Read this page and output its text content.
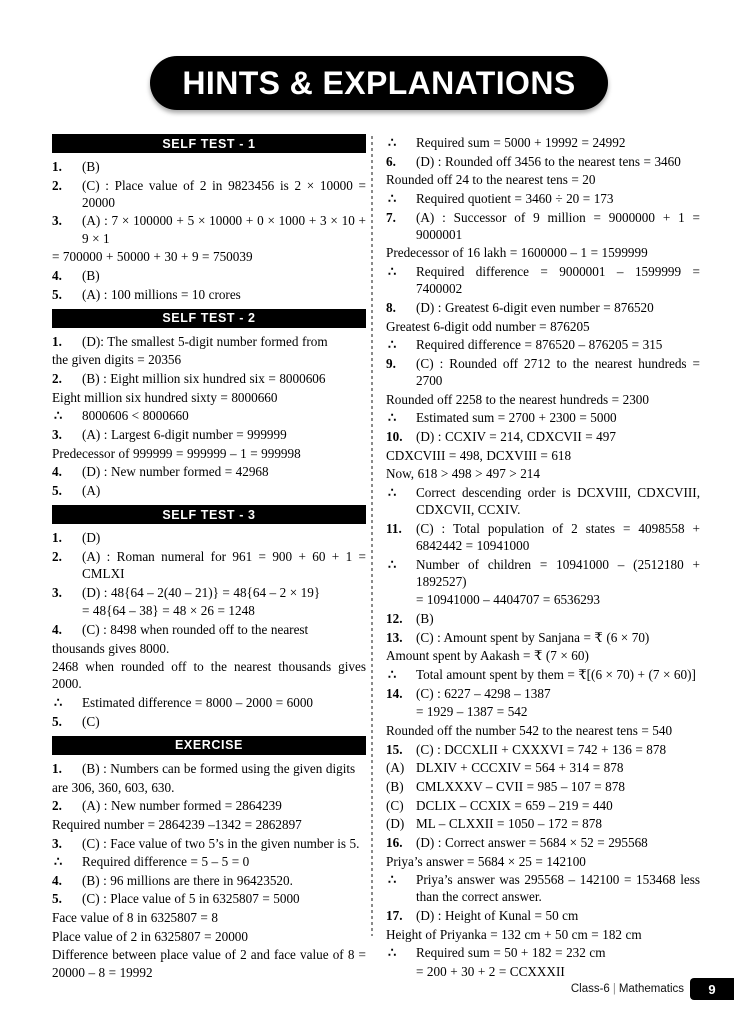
HINTS & EXPLANATIONS
SELF TEST - 1
1.	(B)
2.	(C) : Place value of 2 in 9823456 is 2 × 10000 = 20000
3.	(A) : 7 × 100000 + 5 × 10000 + 0 × 1000 + 3 × 10 + 9 × 1
= 700000 + 50000 + 30 + 9 = 750039
4.	(B)
5.	(A) : 100 millions = 10 crores
SELF TEST - 2
1.	(D): The smallest 5-digit number formed from
the given digits = 20356
2.	(B) : Eight million six hundred six = 8000606
Eight million six hundred sixty = 8000660
∴ 8000606 < 8000660
3.	(A) : Largest 6-digit number = 999999
Predecessor of 999999 = 999999 – 1 = 999998
4.	(D) : New number formed = 42968
5.	(A)
SELF TEST - 3
1.	(D)
2.	(A) : Roman numeral for 961 = 900 + 60 + 1 = CMLXI
3.	(D) : 48{64 – 2(40 – 21)} = 48{64 – 2 × 19}
= 48{64 – 38} = 48 × 26 = 1248
4.	(C) : 8498 when rounded off to the nearest
thousands gives 8000.
2468 when rounded off to the nearest thousands gives 2000.
∴ Estimated difference = 8000 – 2000 = 6000
5.	(C)
EXERCISE
1.	(B) : Numbers can be formed using the given digits
are 306, 360, 603, 630.
2.	(A) : New number formed = 2864239
Required number = 2864239 –1342 = 2862897
3.	(C) : Face value of two 5’s in the given number is 5.
∴ Required difference = 5 – 5 = 0
4.	(B) : 96 millions are there in 96423520.
5.	(C) : Place value of 5 in 6325807 = 5000
Face value of 8 in 6325807 = 8
Place value of 2 in 6325807 = 20000
Difference between place value of 2 and face value of 8 = 20000 – 8 = 19992
∴ Required sum = 5000 + 19992 = 24992
6.	(D) : Rounded off 3456 to the nearest tens = 3460
Rounded off 24 to the nearest tens = 20
∴ Required quotient = 3460 ÷ 20 = 173
7.	(A) : Successor of 9 million = 9000000 + 1 = 9000001
Predecessor of 16 lakh = 1600000 – 1 = 1599999
∴ Required difference = 9000001 – 1599999 = 7400002
8.	(D) : Greatest 6-digit even number = 876520
Greatest 6-digit odd number = 876205
∴ Required difference = 876520 – 876205 = 315
9.	(C) : Rounded off 2712 to the nearest hundreds = 2700
Rounded off 2258 to the nearest hundreds = 2300
∴ Estimated sum = 2700 + 2300 = 5000
10.	(D) : CCXIV = 214, CDXCVII = 497
CDXCVIII = 498, DCXVIII = 618
Now, 618 > 498 > 497 > 214
∴ Correct descending order is DCXVIII, CDXCVIII, CDXCVII, CCXIV.
11.	(C) : Total population of 2 states = 4098558 + 6842442 = 10941000
∴ Number of children = 10941000 – (2512180 + 1892527)
= 10941000 – 4404707 = 6536293
12.	(B)
13.	(C) : Amount spent by Sanjana = ₹ (6 × 70)
Amount spent by Aakash = ₹ (7 × 60)
∴ Total amount spent by them = ₹[(6 × 70) + (7 × 60)]
14.	(C) : 6227 – 4298 – 1387
= 1929 – 1387 = 542
Rounded off the number 542 to the nearest tens = 540
15.	(C) : DCCXLII + CXXXVI = 742 + 136 = 878
(A) DLXIV + CCCXIV = 564 + 314 = 878
(B) CMLXXXV – CVII = 985 – 107 = 878
(C) DCLIX – CCXIX = 659 – 219 = 440
(D) ML – CLXXII = 1050 – 172 = 878
16.	(D) : Correct answer = 5684 × 52 = 295568
Priya’s answer = 5684 × 25 = 142100
∴ Priya’s answer was 295568 – 142100 = 153468 less than the correct answer.
17.	(D) : Height of Kunal = 50 cm
Height of Priyanka = 132 cm + 50 cm = 182 cm
∴ Required sum = 50 + 182 = 232 cm
= 200 + 30 + 2 = CCXXXII
Class-6 | Mathematics 9
